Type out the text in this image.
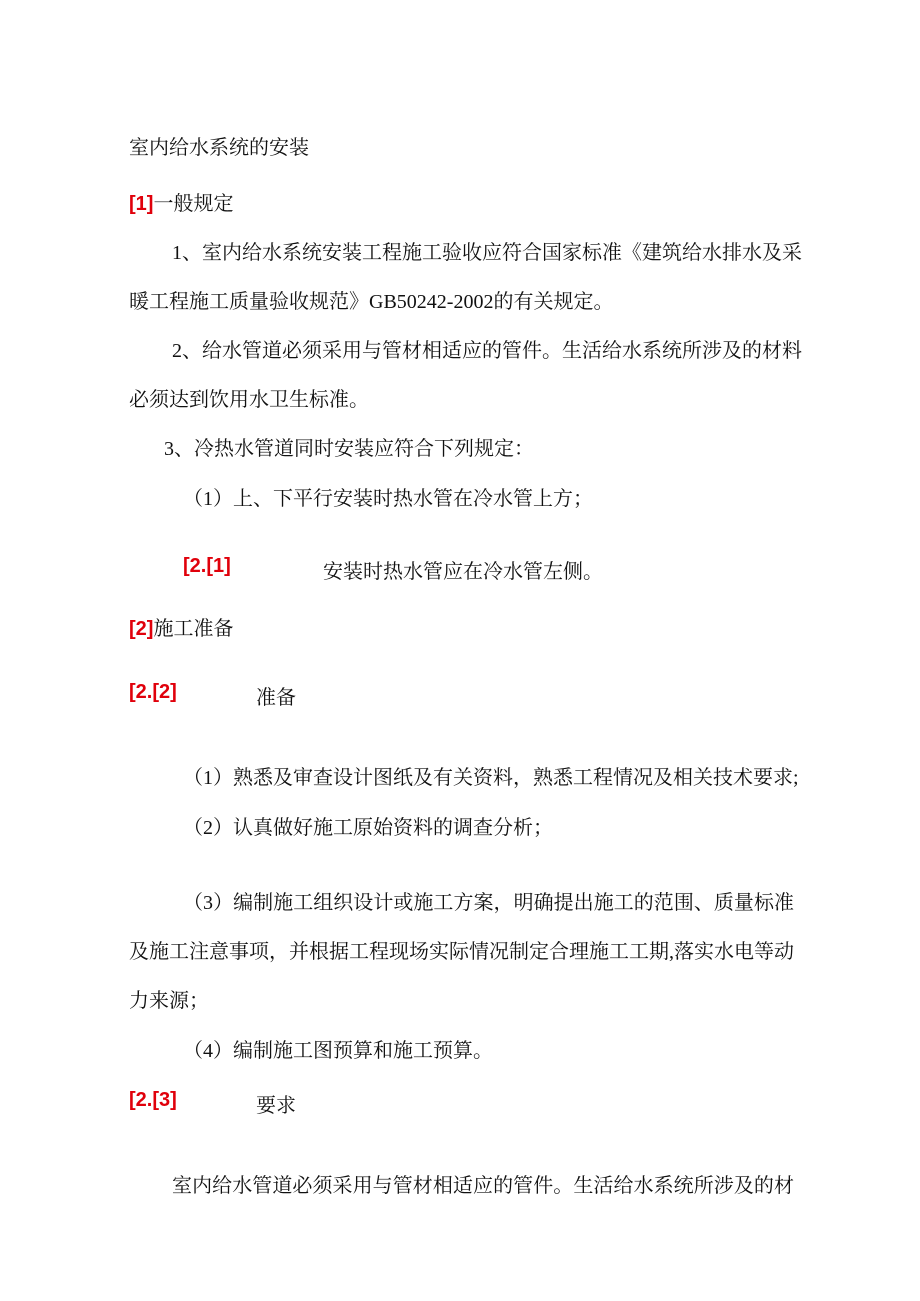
室内给水系统的安装
[1]一般规定
1、室内给水系统安装工程施工验收应符合国家标准《建筑给水排水及采
暖工程施工质量验收规范》GB50242-2002的有关规定。
2、给水管道必须采用与管材相适应的管件。生活给水系统所涉及的材料
必须达到饮用水卫生标准。
3、冷热水管道同时安装应符合下列规定：
（1）上、下平行安装时热水管在冷水管上方；
[2.[1]	安装时热水管应在冷水管左侧。
[2]施工准备
[2.[2]	准备
（1）熟悉及审查设计图纸及有关资料，熟悉工程情况及相关技术要求;
（2）认真做好施工原始资料的调查分析；
（3）编制施工组织设计或施工方案，明确提出施工的范围、质量标准
及施工注意事项，并根据工程现场实际情况制定合理施工工期,落实水电等动
力来源；
（4）编制施工图预算和施工预算。
[2.[3]	要求
室内给水管道必须采用与管材相适应的管件。生活给水系统所涉及的材
